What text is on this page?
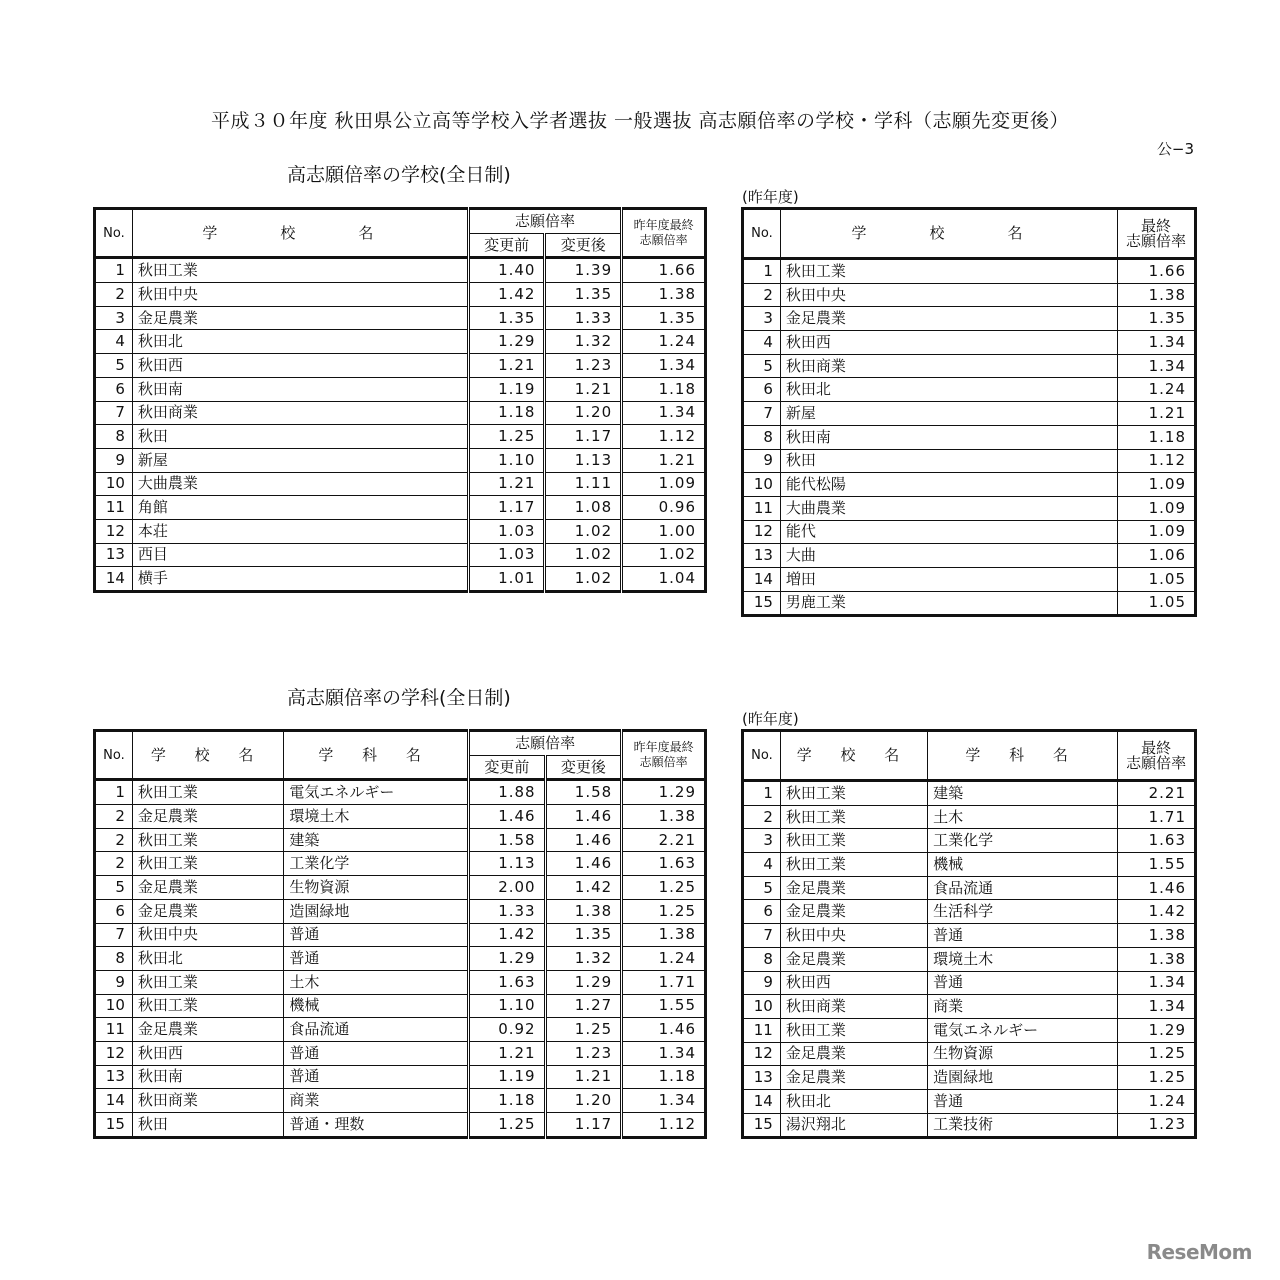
平成３０年度 秋田県公立高等学校入学者選抜 一般選抜 高志願倍率の学校・学科（志願先変更後）
公−3
高志願倍率の学校(全日制)
(昨年度)
No.	学　校　名	志願倍率		昨年度最終
志願倍率

		変更前	変更後	
1	秋田工業	1.40	1.39	1.66
2	秋田中央	1.42	1.35	1.38
3	金足農業	1.35	1.33	1.35
4	秋田北	1.29	1.32	1.24
5	秋田西	1.21	1.23	1.34
6	秋田南	1.19	1.21	1.18
7	秋田商業	1.18	1.20	1.34
8	秋田	1.25	1.17	1.12
9	新屋	1.10	1.13	1.21
10	大曲農業	1.21	1.11	1.09
11	角館	1.17	1.08	0.96
12	本荘	1.03	1.02	1.00
13	西目	1.03	1.02	1.02
14	横手	1.01	1.02	1.04
No.	学　校　名	最終
志願倍率

1	秋田工業	1.66
2	秋田中央	1.38
3	金足農業	1.35
4	秋田西	1.34
5	秋田商業	1.34
6	秋田北	1.24
7	新屋	1.21
8	秋田南	1.18
9	秋田	1.12
10	能代松陽	1.09
11	大曲農業	1.09
12	能代	1.09
13	大曲	1.06
14	増田	1.05
15	男鹿工業	1.05
高志願倍率の学科(全日制)
(昨年度)
No.	学 校 名	学 科 名	志願倍率		昨年度最終
志願倍率

			変更前	変更後	
1	秋田工業	電気エネルギー	1.88	1.58	1.29
2	金足農業	環境土木	1.46	1.46	1.38
2	秋田工業	建築	1.58	1.46	2.21
2	秋田工業	工業化学	1.13	1.46	1.63
5	金足農業	生物資源	2.00	1.42	1.25
6	金足農業	造園緑地	1.33	1.38	1.25
7	秋田中央	普通	1.42	1.35	1.38
8	秋田北	普通	1.29	1.32	1.24
9	秋田工業	土木	1.63	1.29	1.71
10	秋田工業	機械	1.10	1.27	1.55
11	金足農業	食品流通	0.92	1.25	1.46
12	秋田西	普通	1.21	1.23	1.34
13	秋田南	普通	1.19	1.21	1.18
14	秋田商業	商業	1.18	1.20	1.34
15	秋田	普通・理数	1.25	1.17	1.12
No.	学 校 名	学 科 名	最終
志願倍率

1	秋田工業	建築	2.21
2	秋田工業	土木	1.71
3	秋田工業	工業化学	1.63
4	秋田工業	機械	1.55
5	金足農業	食品流通	1.46
6	金足農業	生活科学	1.42
7	秋田中央	普通	1.38
8	金足農業	環境土木	1.38
9	秋田西	普通	1.34
10	秋田商業	商業	1.34
11	秋田工業	電気エネルギー	1.29
12	金足農業	生物資源	1.25
13	金足農業	造園緑地	1.25
14	秋田北	普通	1.24
15	湯沢翔北	工業技術	1.23
ReseMom
